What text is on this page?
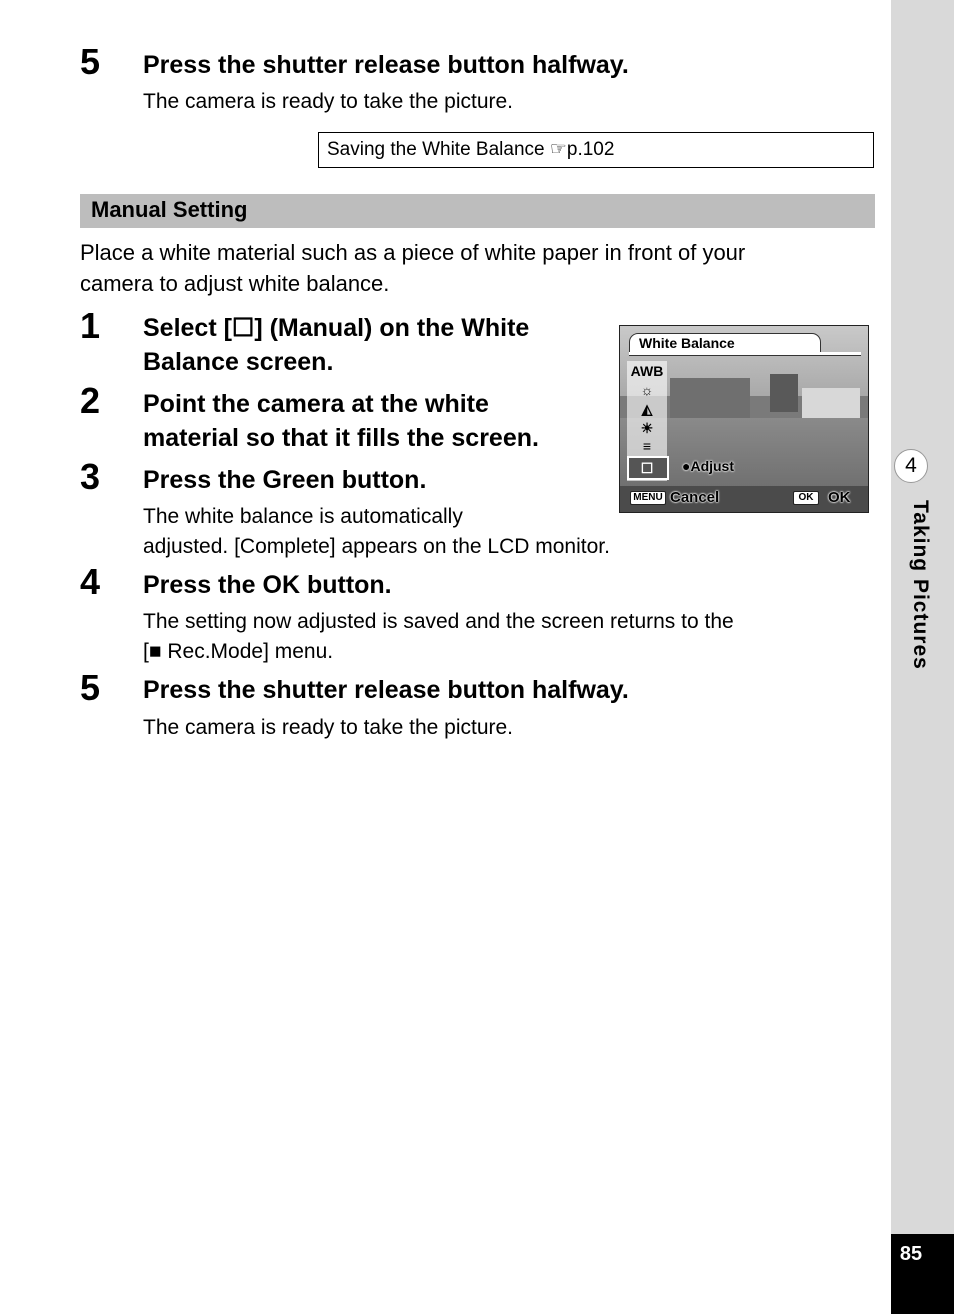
4
Taking Pictures
85
5 Press the shutter release button halfway.
The camera is ready to take the picture.
Saving the White Balance ☞p.102
Manual Setting
Place a white material such as a piece of white paper in front of your
camera to adjust white balance.
1 Select [☐] (Manual) on the White
Balance screen.
2 Point the camera at the white
material so that it fills the screen.
3 Press the Green button.
The white balance is automatically
adjusted. [Complete] appears on the LCD monitor.
4 Press the OK button.
The setting now adjusted is saved and the screen returns to the
[■ Rec.Mode] menu.
5 Press the shutter release button halfway.
The camera is ready to take the picture.
White Balance
AWB
☼
◭
☀
≡
☐	●Adjust
MENU Cancel	OK OK
